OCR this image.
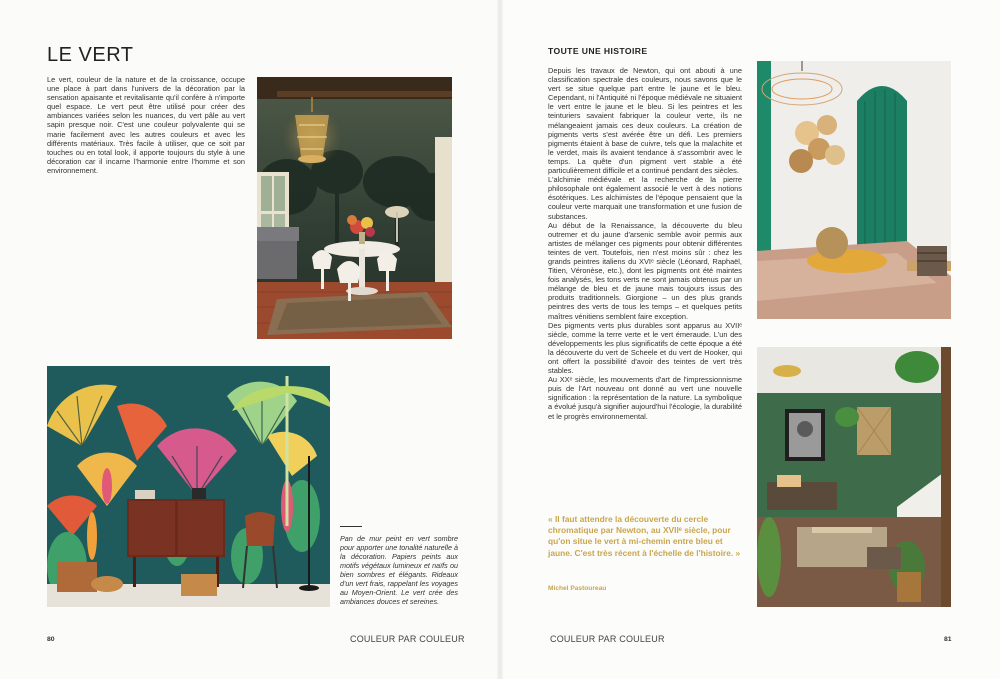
LE VERT

Le vert, couleur de la nature et de la croissance, occupe une place à part dans l'univers de la décoration par la sensation apaisante et revitalisante qu'il confère à n'importe quel espace. Le vert peut être utilisé pour créer des ambiances variées selon les nuances, du vert pâle au vert sapin presque noir. C'est une couleur polyvalente qui se marie facilement avec les autres couleurs et avec les différents matériaux. Très facile à utiliser, que ce soit par touches ou en total look, il apporte toujours du style à une décoration car il incarne l'harmonie entre l'homme et son environnement.

Pan de mur peint en vert sombre pour apporter une tonalité naturelle à la décoration. Papiers peints aux motifs végétaux lumineux et naïfs ou bien sombres et élégants. Rideaux d'un vert frais, rappelant les voyages au Moyen-Orient. Le vert crée des ambiances douces et sereines.
80	COULEUR PAR COULEUR
TOUTE UNE HISTOIRE

Depuis les travaux de Newton, qui ont abouti à une classification spectrale des couleurs, nous savons que le vert se situe quelque part entre le jaune et le bleu. Cependant, ni l'Antiquité ni l'époque médiévale ne situaient le vert entre le jaune et le bleu. Si les peintres et les teinturiers savaient fabriquer la couleur verte, ils ne mélangeaient jamais ces deux couleurs. La création de pigments verts s'est avérée être un défi. Les premiers pigments étaient à base de cuivre, tels que la malachite et le verdet, mais ils avaient tendance à s'assombrir avec le temps. La quête d'un pigment vert stable a été particulièrement difficile et a continué pendant des siècles.

L'alchimie médiévale et la recherche de la pierre philosophale ont également associé le vert à des notions ésotériques. Les alchimistes de l'époque pensaient que la couleur verte marquait une transformation et une fusion de substances.

Au début de la Renaissance, la découverte du bleu outremer et du jaune d'arsenic semble avoir permis aux artistes de mélanger ces pigments pour obtenir différentes teintes de vert. Toutefois, rien n'est moins sûr : chez les grands peintres italiens du XVIᵉ siècle (Léonard, Raphaël, Titien, Véronèse, etc.), dont les pigments ont été maintes fois analysés, les tons verts ne sont jamais obtenus par un mélange de bleu et de jaune mais toujours issus des produits traditionnels. Giorgione – un des plus grands peintres des verts de tous les temps – et quelques petits maîtres vénitiens semblent faire exception.

Des pigments verts plus durables sont apparus au XVIIᵉ siècle, comme la terre verte et le vert émeraude. L'un des développements les plus significatifs de cette époque a été la découverte du vert de Scheele et du vert de Hooker, qui ont offert la possibilité d'avoir des teintes de vert très stables.

Au XXᵉ siècle, les mouvements d'art de l'impressionnisme puis de l'Art nouveau ont donné au vert une nouvelle signification : la représentation de la nature. La symbolique a évolué jusqu'à signifier aujourd'hui l'écologie, la durabilité et le progrès environnemental.

« Il faut attendre la découverte du cercle chromatique par Newton, au XVIIᵉ siècle, pour qu'on situe le vert à mi-chemin entre bleu et jaune. C'est très récent à l'échelle de l'histoire. »
Michel Pastoureau
COULEUR PAR COULEUR	81
